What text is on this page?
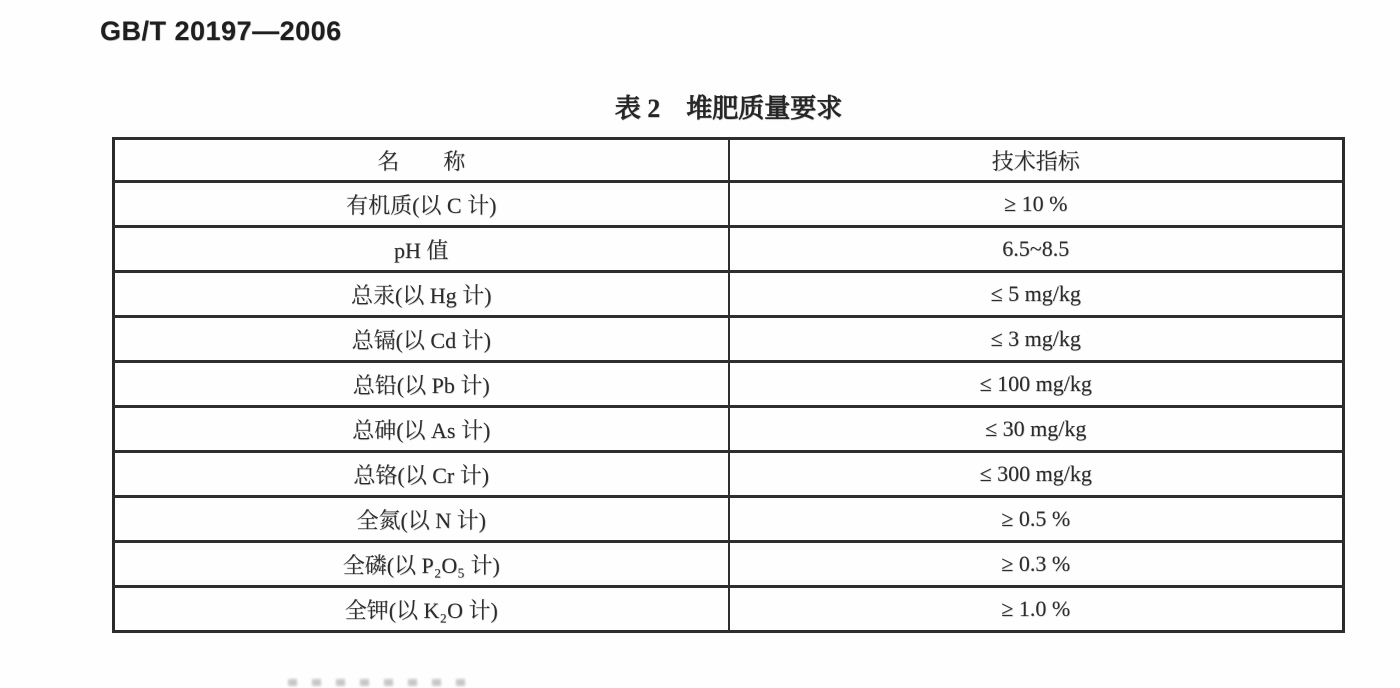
GB/T 20197—2006
表 2　堆肥质量要求
名　　称	技术指标
有机质(以 C 计)	≥ 10 %
pH 值	6.5~8.5
总汞(以 Hg 计)	≤ 5 mg/kg
总镉(以 Cd 计)	≤ 3 mg/kg
总铅(以 Pb 计)	≤ 100 mg/kg
总砷(以 As 计)	≤ 30 mg/kg
总铬(以 Cr 计)	≤ 300 mg/kg
全氮(以 N 计)	≥ 0.5 %
全磷(以 P₂O₅ 计)	≥ 0.3 %
全钾(以 K₂O 计)	≥ 1.0 %
